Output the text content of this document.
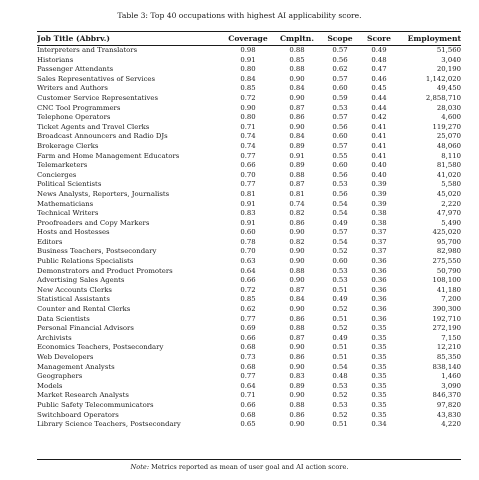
Table 3: Top 40 occupations with highest AI applicability score.
Job Title (Abbrv.)	Coverage	Cmpltn.	Scope	Score	Employment

Interpreters and Translators	0.98	0.88	0.57	0.49	51,560
Historians	0.91	0.85	0.56	0.48	3,040
Passenger Attendants	0.80	0.88	0.62	0.47	20,190
Sales Representatives of Services	0.84	0.90	0.57	0.46	1,142,020
Writers and Authors	0.85	0.84	0.60	0.45	49,450
Customer Service Representatives	0.72	0.90	0.59	0.44	2,858,710
CNC Tool Programmers	0.90	0.87	0.53	0.44	28,030
Telephone Operators	0.80	0.86	0.57	0.42	4,600
Ticket Agents and Travel Clerks	0.71	0.90	0.56	0.41	119,270
Broadcast Announcers and Radio DJs	0.74	0.84	0.60	0.41	25,070
Brokerage Clerks	0.74	0.89	0.57	0.41	48,060
Farm and Home Management Educators	0.77	0.91	0.55	0.41	8,110
Telemarketers	0.66	0.89	0.60	0.40	81,580
Concierges	0.70	0.88	0.56	0.40	41,020
Political Scientists	0.77	0.87	0.53	0.39	5,580
News Analysts, Reporters, Journalists	0.81	0.81	0.56	0.39	45,020
Mathematicians	0.91	0.74	0.54	0.39	2,220
Technical Writers	0.83	0.82	0.54	0.38	47,970
Proofreaders and Copy Markers	0.91	0.86	0.49	0.38	5,490
Hosts and Hostesses	0.60	0.90	0.57	0.37	425,020
Editors	0.78	0.82	0.54	0.37	95,700
Business Teachers, Postsecondary	0.70	0.90	0.52	0.37	82,980
Public Relations Specialists	0.63	0.90	0.60	0.36	275,550
Demonstrators and Product Promoters	0.64	0.88	0.53	0.36	50,790
Advertising Sales Agents	0.66	0.90	0.53	0.36	108,100
New Accounts Clerks	0.72	0.87	0.51	0.36	41,180
Statistical Assistants	0.85	0.84	0.49	0.36	7,200
Counter and Rental Clerks	0.62	0.90	0.52	0.36	390,300
Data Scientists	0.77	0.86	0.51	0.36	192,710
Personal Financial Advisors	0.69	0.88	0.52	0.35	272,190
Archivists	0.66	0.87	0.49	0.35	7,150
Economics Teachers, Postsecondary	0.68	0.90	0.51	0.35	12,210
Web Developers	0.73	0.86	0.51	0.35	85,350
Management Analysts	0.68	0.90	0.54	0.35	838,140
Geographers	0.77	0.83	0.48	0.35	1,460
Models	0.64	0.89	0.53	0.35	3,090
Market Research Analysts	0.71	0.90	0.52	0.35	846,370
Public Safety Telecommunicators	0.66	0.88	0.53	0.35	97,820
Switchboard Operators	0.68	0.86	0.52	0.35	43,830
Library Science Teachers, Postsecondary	0.65	0.90	0.51	0.34	4,220
Note: Metrics reported as mean of user goal and AI action score.
